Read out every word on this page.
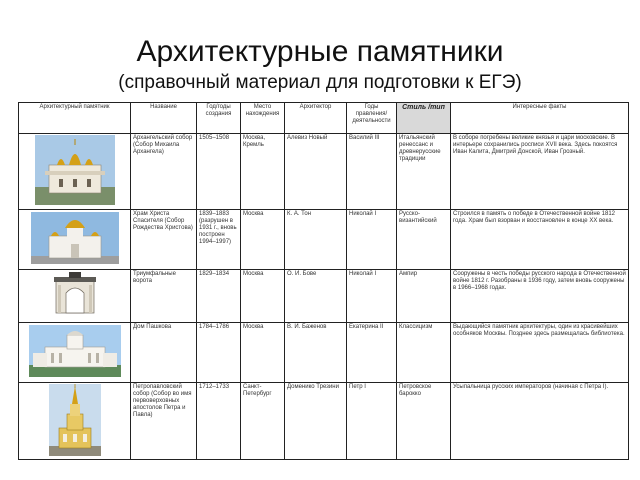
Архитектурные памятники
(справочный материал для подготовки к ЕГЭ)
Архитектурный памятник	Название	Год/годы создания	Место нахождения	Архитектор	Годы правления/деятельности	Стиль /тип	Интересные факты
	Архангельский собор (Собор Михаила Архангела)	1505–1508	Москва, Кремль	Алевиз Новый	Василий III	Итальянский ренессанс и древнерусские традиции	В соборе погребены великие князья и цари московские. В интерьере сохранились росписи XVII века. Здесь покоятся Иван Калита, Дмитрий Донской, Иван Грозный.
	Храм Христа Спасителя (Собор Рождества Христова)	1839–1883 (разрушен в 1931 г., вновь построен 1994–1997)	Москва	К. А. Тон	Николай I	Русско-византийский	Строился в память о победе в Отечественной войне 1812 года. Храм был взорван и восстановлен в конце XX века.
	Триумфальные ворота	1829–1834	Москва	О. И. Бове	Николай I	Ампир	Сооружены в честь победы русского народа в Отечественной войне 1812 г. Разобраны в 1936 году, затем вновь сооружены в 1966–1968 годах.
	Дом Пашкова	1784–1786	Москва	В. И. Баженов	Екатерина II	Классицизм	Выдающийся памятник архитектуры, один из красивейших особняков Москвы. Позднее здесь размещалась библиотека.
	Петропавловский собор (Собор во имя первоверховных апостолов Петра и Павла)	1712–1733	Санкт-Петербург	Доменико Трезини	Петр I	Петровское барокко	Усыпальница русских императоров (начиная с Петра I).
